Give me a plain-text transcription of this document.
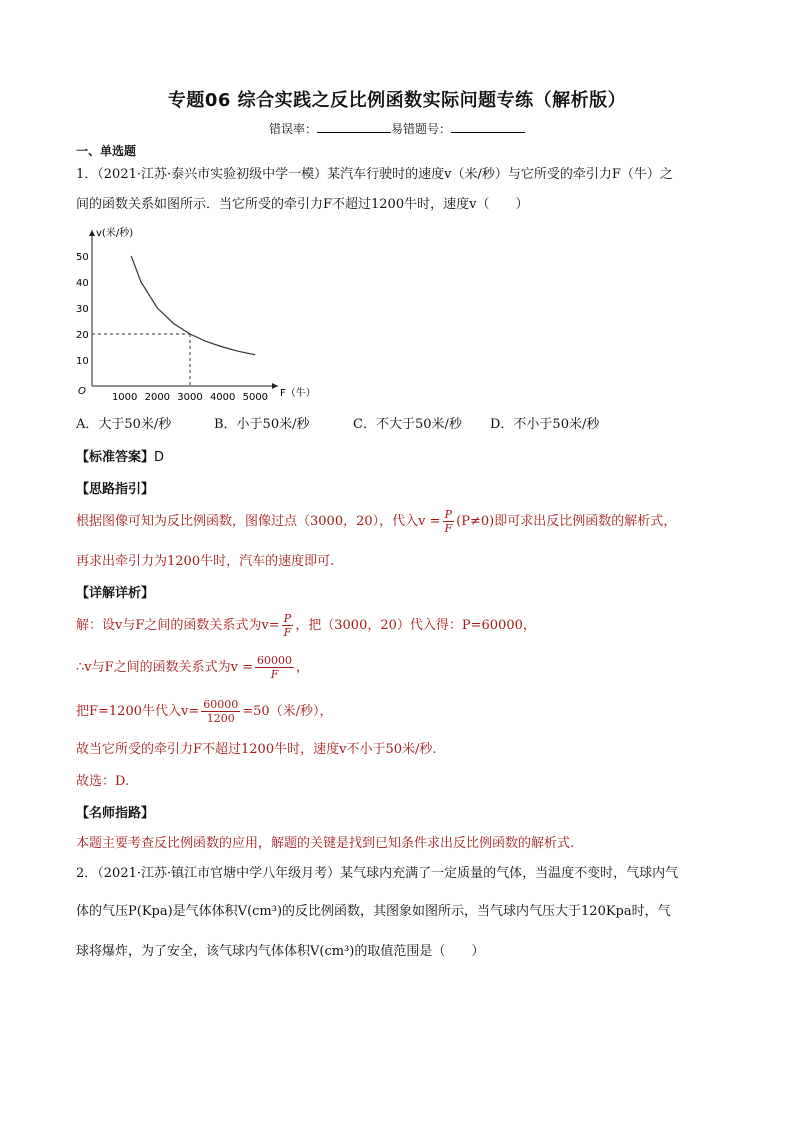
专题06 综合实践之反比例函数实际问题专练（解析版）
错误率：	易错题号：
一、单选题
1．（2021·江苏·泰兴市实验初级中学一模）某汽车行驶时的速度v（米/秒）与它所受的牵引力F（牛）之
间的函数关系如图所示．当它所受的牵引力F不超过1200牛时，速度v（　　）
1000 2000 3000 4000 5000
10
20
30
40
50
O
v(米/秒)
F（牛）
A．大于50米/秒	B．小于50米/秒	C．不大于50米/秒 D．不小于50米/秒
【标准答案】D
【思路指引】
根据图像可知为反比例函数，图像过点（3000，20），代入$v = \frac{P}{F} (P\ne 0)$即可求出反比例函数的解析式，
再求出牵引力为1200牛时，汽车的速度即可.
【详解详析】
解：设v与F之间的函数关系式为$v= \frac{P}{F}$ ，把（3000，20）代入得：P=60000，
∴v与F之间的函数关系式为$v = \frac{60000}{F}$ ，
把F=1200牛代入$v= \frac{60000}{1200} =50$（米/秒），
故当它所受的牵引力F不超过1200牛时，速度v不小于50米/秒.
故选：D.
【名师指路】
本题主要考查反比例函数的应用，解题的关键是找到已知条件求出反比例函数的解析式.
2．（2021·江苏·镇江市官塘中学八年级月考）某气球内充满了一定质量的气体，当温度不变时，气球内气
体的气压P(Kpa)是气体体积V(cm³)的反比例函数，其图象如图所示，当气球内气压大于120Kpa时，气
球将爆炸，为了安全，该气球内气体体积V(cm³)的取值范围是（　　）
